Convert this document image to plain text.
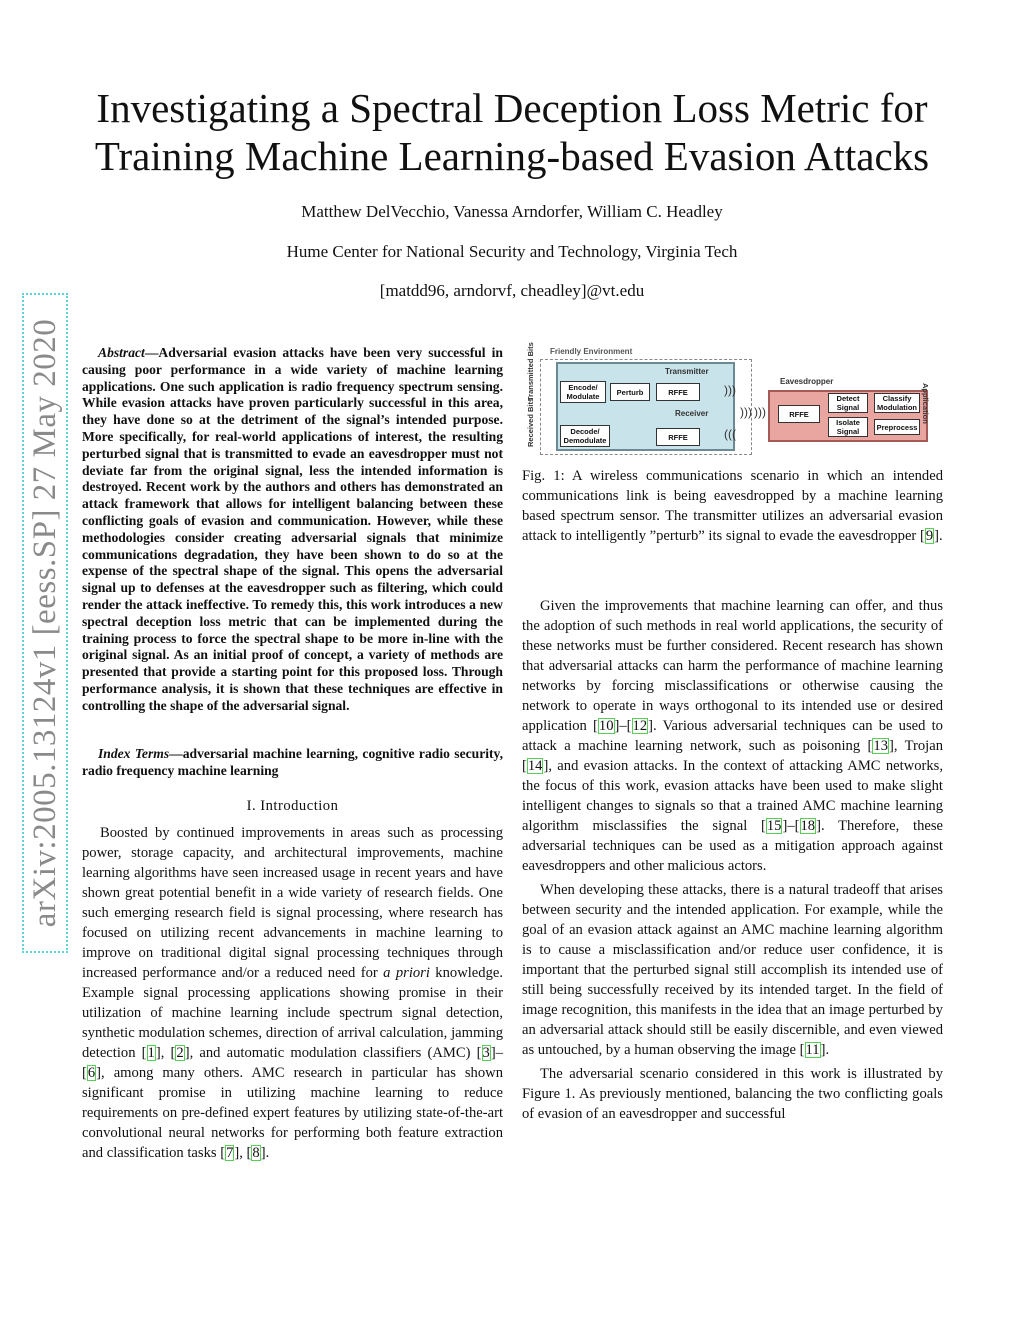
Investigating a Spectral Deception Loss Metric for Training Machine Learning-based Evasion Attacks
Matthew DelVecchio, Vanessa Arndorfer, William C. Headley
Hume Center for National Security and Technology, Virginia Tech
[matdd96, arndorvf, cheadley]@vt.edu
arXiv:2005.13124v1 [eess.SP] 27 May 2020	Abstract—Adversarial evasion attacks have been very successful in causing poor performance in a wide variety of machine learning applications. One such application is radio frequency spectrum sensing. While evasion attacks have proven particularly successful in this area, they have done so at the detriment of the signal’s intended purpose. More specifically, for real-world applications of interest, the resulting perturbed signal that is transmitted to evade an eavesdropper must not deviate far from the original signal, less the intended information is destroyed. Recent work by the authors and others has demonstrated an attack framework that allows for intelligent balancing between these conflicting goals of evasion and communication. However, while these methodologies consider creating adversarial signals that minimize communications degradation, they have been shown to do so at the expense of the spectral shape of the signal. This opens the adversarial signal up to defenses at the eavesdropper such as filtering, which could render the attack ineffective. To remedy this, this work introduces a new spectral deception loss metric that can be implemented during the training process to force the spectral shape to be more in-line with the original signal. As an initial proof of concept, a variety of methods are presented that provide a starting point for this proposed loss. Through performance analysis, it is shown that these techniques are effective in controlling the shape of the adversarial signal.

Index Terms—adversarial machine learning, cognitive radio security, radio frequency machine learning

I. Introduction

Boosted by continued improvements in areas such as processing power, storage capacity, and architectural improvements, machine learning algorithms have seen increased usage in recent years and have shown great potential benefit in a wide variety of research fields. One such emerging research field is signal processing, where research has focused on utilizing recent advancements in machine learning to improve on traditional digital signal processing techniques through increased performance and/or a reduced need for a priori knowledge. Example signal processing applications showing promise in their utilization of machine learning include spectrum signal detection, synthetic modulation schemes, direction of arrival calculation, jamming detection [1], [2], and automatic modulation classifiers (AMC) [3]–[6], among many others. AMC research in particular has shown significant promise in utilizing machine learning to reduce requirements on pre-defined expert features by utilizing state-of-the-art convolutional neural networks for performing both feature extraction and classification tasks [7], [8].

Friendly Environment
Transmitter
Receiver
Transmitted Bits
Received Bits
Encode/ Modulate	Perturb	RFFE
Decode/ Demodulate	RFFE
)))
)))
(((
)))
Eavesdropper
RFFE
Detect Signal
Isolate Signal
Classify Modulation
Preprocess
Application
Fig. 1: A wireless communications scenario in which an intended communications link is being eavesdropped by a machine learning based spectrum sensor. The transmitter utilizes an adversarial evasion attack to intelligently ”perturb” its signal to evade the eavesdropper [9].

Given the improvements that machine learning can offer, and thus the adoption of such methods in real world applications, the security of these networks must be further considered. Recent research has shown that adversarial attacks can harm the performance of machine learning networks by forcing misclassifications or otherwise causing the network to operate in ways orthogonal to its intended use or desired application [10]–[12]. Various adversarial techniques can be used to attack a machine learning network, such as poisoning [13], Trojan [14], and evasion attacks. In the context of attacking AMC networks, the focus of this work, evasion attacks have been used to make slight intelligent changes to signals so that a trained AMC machine learning algorithm misclassifies the signal [15]–[18]. Therefore, these adversarial techniques can be used as a mitigation approach against eavesdroppers and other malicious actors.

When developing these attacks, there is a natural tradeoff that arises between security and the intended application. For example, while the goal of an evasion attack against an AMC machine learning algorithm is to cause a misclassification and/or reduce user confidence, it is important that the perturbed signal still accomplish its intended use of still being successfully received by its intended target. In the field of image recognition, this manifests in the idea that an image perturbed by an adversarial attack should still be easily discernible, and even viewed as untouched, by a human observing the image [11].

The adversarial scenario considered in this work is illustrated by Figure 1. As previously mentioned, balancing the two conflicting goals of evasion of an eavesdropper and successful
